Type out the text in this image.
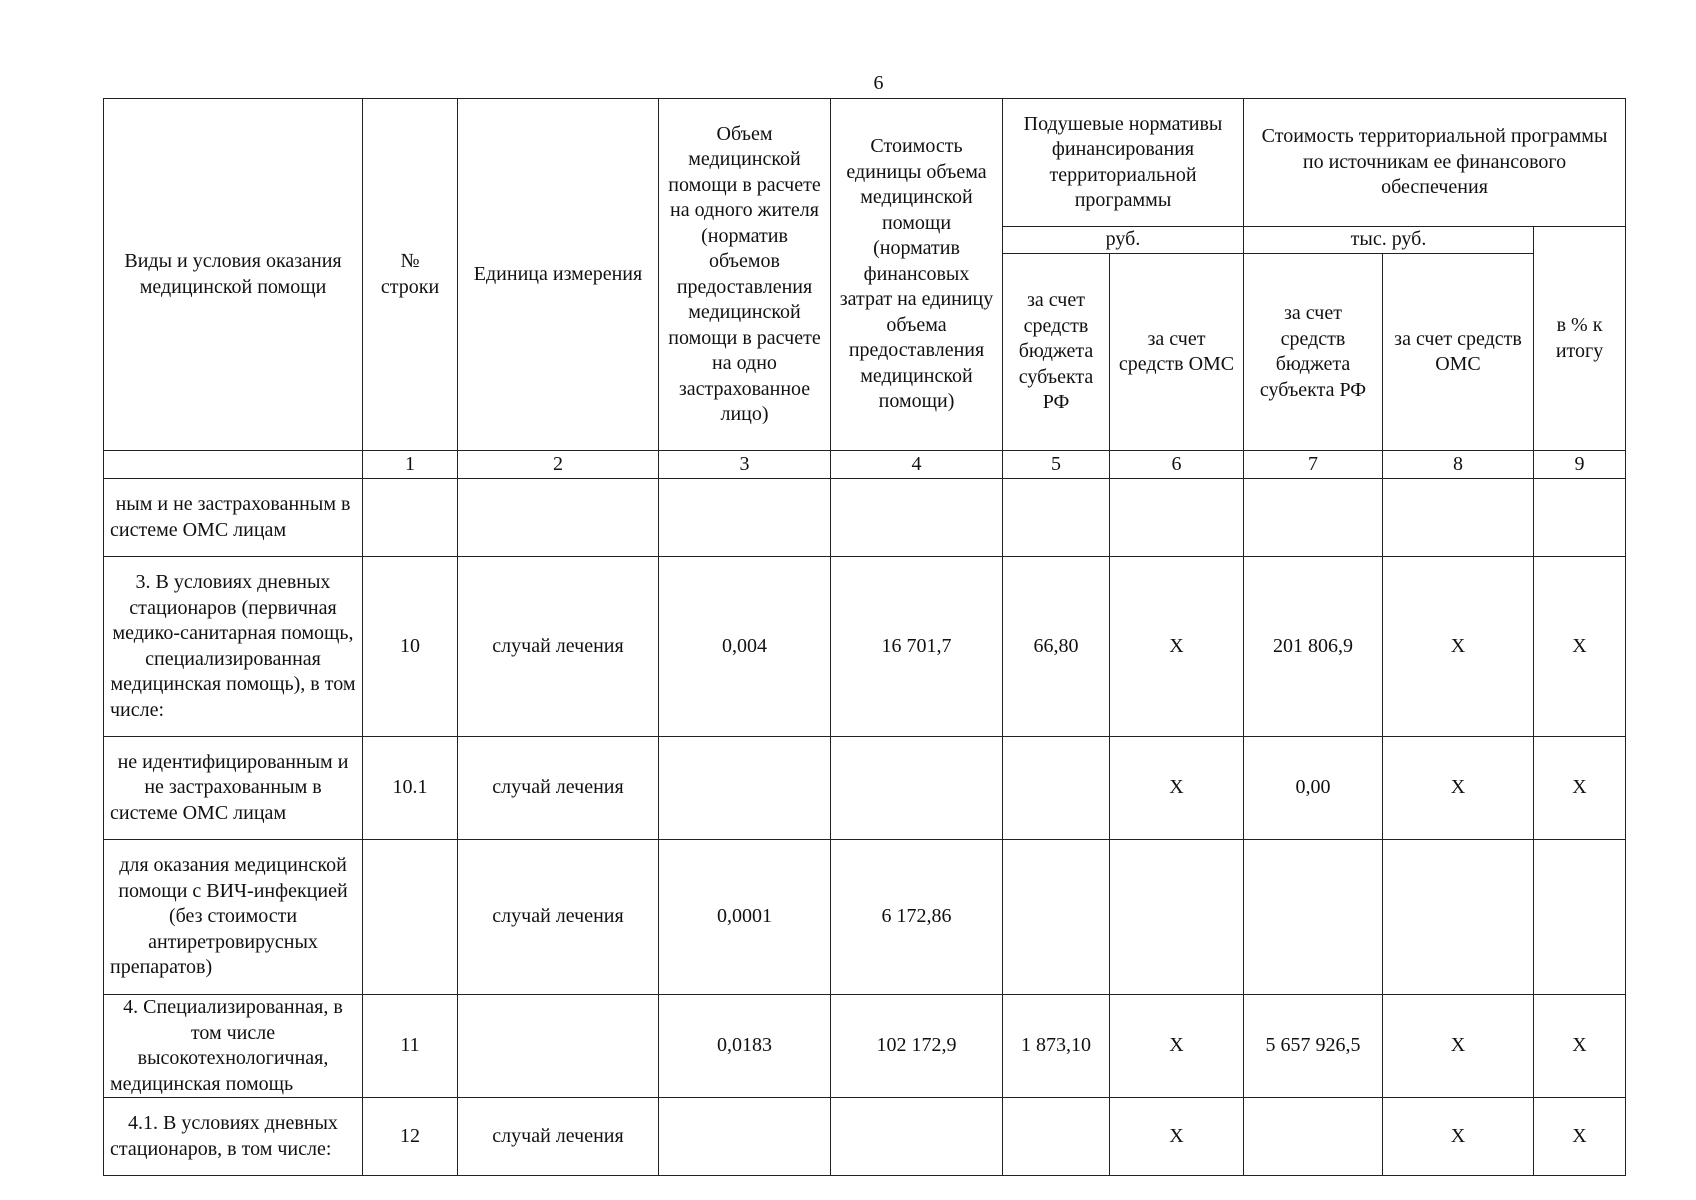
6
Виды и условия оказания медицинской помощи	№ строки	Единица измерения	Объем медицинской помощи в расчете на одного жителя (норматив объемов предоставления медицинской помощи в расчете на одно застрахованное лицо)	Стоимость единицы объема медицинской помощи (норматив финансовых затрат на единицу объема предоставления медицинской помощи)	Подушевые нормативы финансирования территориальной программы		Стоимость территориальной программы по источникам ее финансового обеспечения		
					руб.		тыс. руб.		в % к итогу
					за счет средств бюджета субъекта РФ	за счет средств ОМС	за счет средств бюджета субъекта РФ	за счет средств ОМС	
	1	2	3	4	5	6	7	8	9
ным и не застрахованным в системе ОМС лицам									
3. В условиях дневных стационаров (первичная медико-санитарная помощь, специализированная медицинская помощь), в том числе:	10	случай лечения	0,004	16 701,7	66,80	Х	201 806,9	Х	Х
не идентифицированным и не застрахованным в системе ОМС лицам	10.1	случай лечения				Х	0,00	Х	Х
для оказания медицинской помощи с ВИЧ-инфекцией (без стоимости антиретровирусных препаратов)		случай лечения	0,0001	6 172,86					
4. Специализированная, в том числе высокотехнологичная, медицинская помощь	11		0,0183	102 172,9	1 873,10	Х	5 657 926,5	Х	Х
4.1. В условиях дневных стационаров, в том числе:	12	случай лечения				Х		Х	Х
